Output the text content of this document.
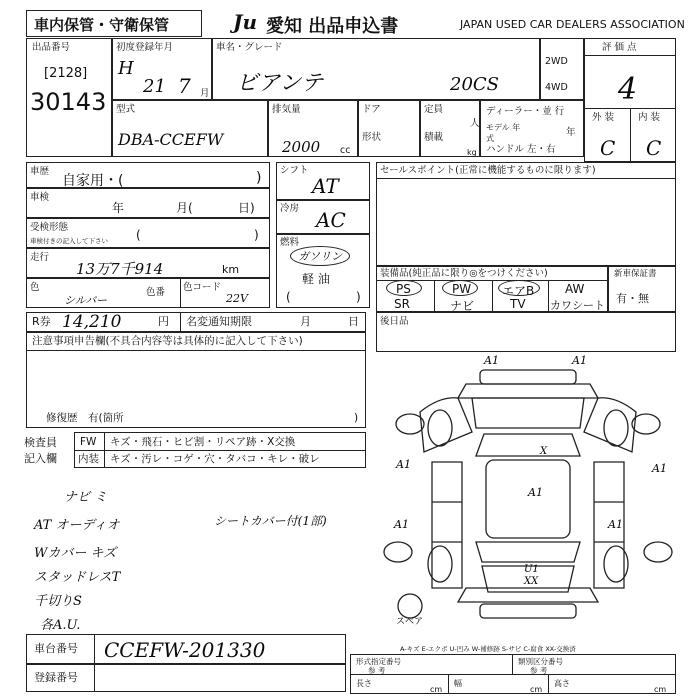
車内保管・守衛保管	Ju 愛知 出品申込書	JAPAN USED CAR DEALERS ASSOCIATION
出品番号
[2128]
30143
初度登録年月
H
21 7 月
車名・グレード
ビアンテ	20CS
2WD
4WD
評 価 点
4
外 装	内 装
C C
型式
DBA-CCEFW
排気量
2000 cc
ドア
形状
定員
人
積載
kg
ディーラー・並 行
モデル 年式
年
ハンドル 左・右
車歴
自家用・(	)
車検
年	月(	日)
受検形態
車検付きの記入して下さい (	)
走行
13万7千914	km
色
シルバー
色番 色コード
22V
シフト
AT
冷房 AC
燃料
ガソリン
軽 油
(	)
セールスポイント(正常に機能するものに限ります)
装備品(純正品に限り◎をつけください)
PS	PW	エアB	AW
SR	ナビ	TV カワシート
新車保証書
有・無
R券 14,210	円 名変通知期限	月	日 後日品
注意事項申告欄(不具合内容等は具体的に記入して下さい)
修復歴　有(箇所	)
検査員
記入欄
FW キズ・飛石・ヒビ割・リペア跡・X交換
内装 キズ・汚レ・コゲ・穴・タバコ・キレ・破レ
ナビ ミ
AT オーディオ
Wカバー キズ
スタッドレスT
千切りS
各A.U.
シートカバー付(1部)
A1	A1
A1	A1
A1
A1
U1
XX
X
A1
スペア
A-キズ E-エクボ U-凹み W-補修跡 S-サビ C-腐食 XX-交換済
車台番号 CCEFW-201330
登録番号
形式指定番号
参 考
類別区分番号
参 考
長さ
cm
幅
cm
高さ
cm
